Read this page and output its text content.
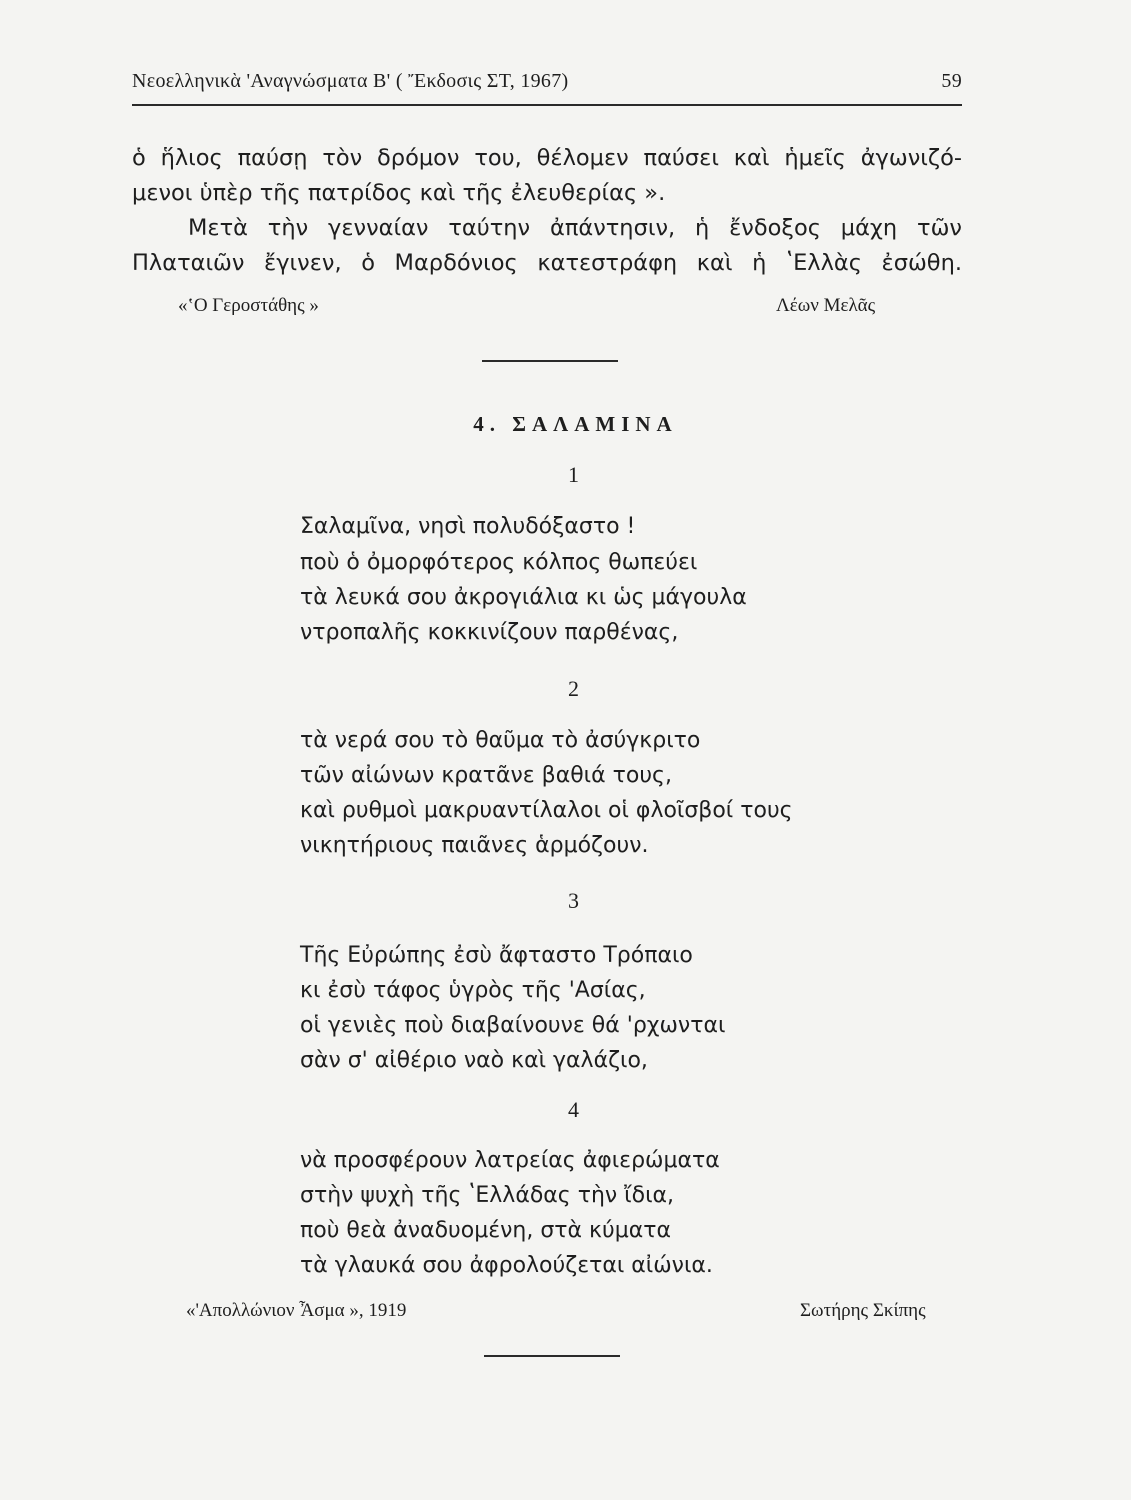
Νεοελληνικὰ 'Αναγνώσματα Β' ( Ἔκδοσις ΣΤ, 1967)	59
ὁ ἥλιος παύσῃ τὸν δρόμον του, θέλομεν παύσει καὶ ἡμεῖς ἀγωνιζό-
μενοι ὑπὲρ τῆς πατρίδος καὶ τῆς ἐλευθερίας ».
Μετὰ τὴν γενναίαν ταύτην ἀπάντησιν, ἡ ἔνδοξος μάχη τῶν
Πλαταιῶν ἔγινεν, ὁ Μαρδόνιος κατεστράφη καὶ ἡ ʽΕλλὰς ἐσώθη.
«ʽΟ Γεροστάθης »	Λέων Μελᾶς
4. ΣΑΛΑΜΙΝΑ
1
Σαλαμῖνα, νησὶ πολυδόξαστο !
ποὺ ὁ ὀμορφότερος κόλπος θωπεύει
τὰ λευκά σου ἀκρογιάλια κι ὡς μάγουλα
ντροπαλῆς κοκκινίζουν παρθένας,
2
τὰ νερά σου τὸ θαῦμα τὸ ἀσύγκριτο
τῶν αἰώνων κρατᾶνε βαθιά τους,
καὶ ρυθμοὶ μακρυαντίλαλοι οἱ φλοῖσβοί τους
νικητήριους παιᾶνες ἁρμόζουν.
3
Τῆς Εὐρώπης ἐσὺ ἄφταστο Τρόπαιο
κι ἐσὺ τάφος ὑγρὸς τῆς 'Ασίας,
οἱ γενιὲς ποὺ διαβαίνουνε θά 'ρχωνται
σὰν σ' αἰθέριο ναὸ καὶ γαλάζιο,
4
νὰ προσφέρουν λατρείας ἀφιερώματα
στὴν ψυχὴ τῆς ʽΕλλάδας τὴν ἴδια,
ποὺ θεὰ ἀναδυομένη, στὰ κύματα
τὰ γλαυκά σου ἀφρολούζεται αἰώνια.
«'Απολλώνιον Ἆσμα », 1919	Σωτήρης Σκίπης
